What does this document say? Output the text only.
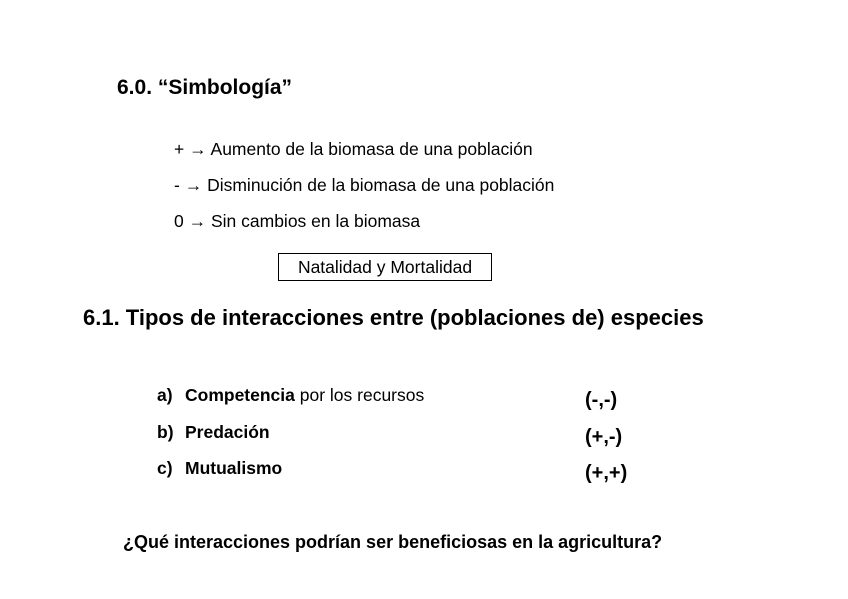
6.0. “Simbología”
+ → Aumento de la biomasa de una población
- → Disminución de la biomasa de una población
0 → Sin cambios en la biomasa
Natalidad y Mortalidad
6.1. Tipos de interacciones entre (poblaciones de) especies
a) Competencia por los recursos
b) Predación
c) Mutualismo
(-,-)
(+,-)
(+,+)
¿Qué interacciones podrían ser beneficiosas en la agricultura?
